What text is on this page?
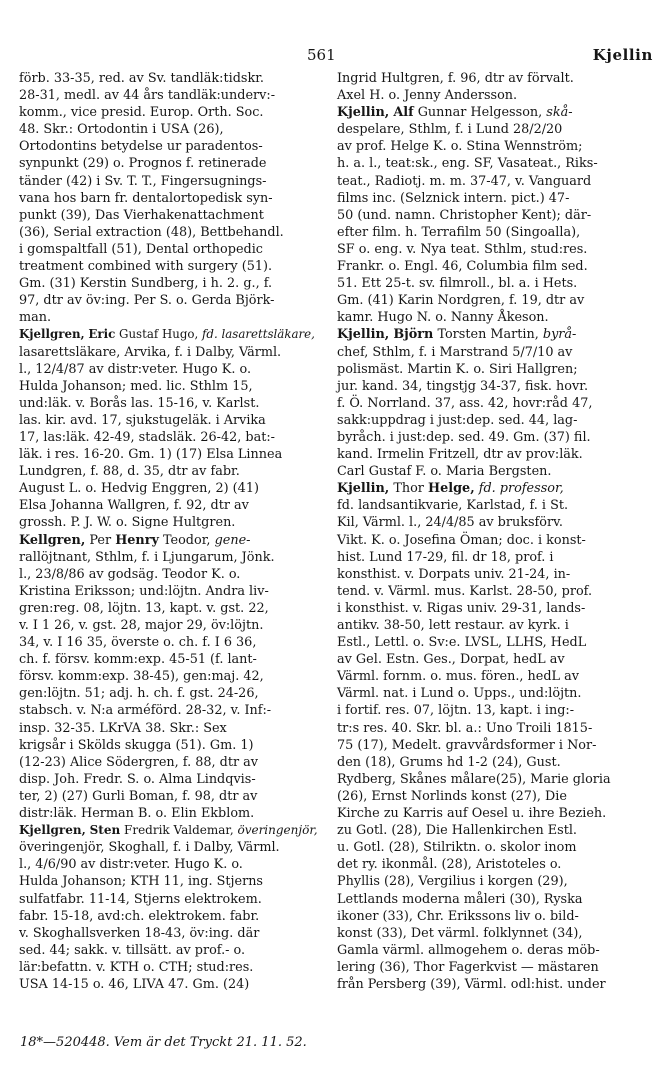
561	Kjellin
förb. 33-35, red. av Sv. tandläk:tidskr.
28-31, medl. av 44 års tandläk:underv:-
komm., vice presid. Europ. Orth. Soc.
48. Skr.: Ortodontin i USA (26),
Ortodontins betydelse ur paradentos-
synpunkt (29) o. Prognos f. retinerade
tänder (42) i Sv. T. T., Fingersugnings-
vana hos barn fr. dentalortopedisk syn-
punkt (39), Das Vierhakenattachment
(36), Serial extraction (48), Bettbehandl.
i gomspaltfall (51), Dental orthopedic
treatment combined with surgery (51).
Gm. (31) Kerstin Sundberg, i h. 2. g., f.
97, dtr av öv:ing. Per S. o. Gerda Björk-
man.
Kjellgren, Eric Gustaf Hugo, fd. lasarettsläkare,
lasarettsläkare, Arvika, f. i Dalby, Värml.
l., 12/4/87 av distr:veter. Hugo K. o.
Hulda Johanson; med. lic. Sthlm 15,
und:läk. v. Borås las. 15-16, v. Karlst.
las. kir. avd. 17, sjukstugeläk. i Arvika
17, las:läk. 42-49, stadsläk. 26-42, bat:-
läk. i res. 16-20. Gm. 1) (17) Elsa Linnea
Lundgren, f. 88, d. 35, dtr av fabr.
August L. o. Hedvig Enggren, 2) (41)
Elsa Johanna Wallgren, f. 92, dtr av
grossh. P. J. W. o. Signe Hultgren.
Kellgren, Per Henry Teodor, gene-
rallöjtnant, Sthlm, f. i Ljungarum, Jönk.
l., 23/8/86 av godsäg. Teodor K. o.
Kristina Eriksson; und:löjtn. Andra liv-
gren:reg. 08, löjtn. 13, kapt. v. gst. 22,
v. I 1 26, v. gst. 28, major 29, öv:löjtn.
34, v. I 16 35, överste o. ch. f. I 6 36,
ch. f. försv. komm:exp. 45-51 (f. lant-
försv. komm:exp. 38-45), gen:maj. 42,
gen:löjtn. 51; adj. h. ch. f. gst. 24-26,
stabsch. v. N:a arméförd. 28-32, v. Inf:-
insp. 32-35. LKrVA 38. Skr.: Sex
krigsår i Skölds skugga (51). Gm. 1)
(12-23) Alice Södergren, f. 88, dtr av
disp. Joh. Fredr. S. o. Alma Lindqvis-
ter, 2) (27) Gurli Boman, f. 98, dtr av
distr:läk. Herman B. o. Elin Ekblom.
Kjellgren, Sten Fredrik Valdemar, överingenjör,
överingenjör, Skoghall, f. i Dalby, Värml.
l., 4/6/90 av distr:veter. Hugo K. o.
Hulda Johanson; KTH 11, ing. Stjerns
sulfatfabr. 11-14, Stjerns elektrokem.
fabr. 15-18, avd:ch. elektrokem. fabr.
v. Skoghallsverken 18-43, öv:ing. där
sed. 44; sakk. v. tillsätt. av prof.- o.
lär:befattn. v. KTH o. CTH; stud:res.
USA 14-15 o. 46, LIVA 47. Gm. (24)
Ingrid Hultgren, f. 96, dtr av förvalt.
Axel H. o. Jenny Andersson.
Kjellin, Alf Gunnar Helgesson, skå-
despelare, Sthlm, f. i Lund 28/2/20
av prof. Helge K. o. Stina Wennström;
h. a. l., teat:sk., eng. SF, Vasateat., Riks-
teat., Radiotj. m. m. 37-47, v. Vanguard
films inc. (Selznick intern. pict.) 47-
50 (und. namn. Christopher Kent); där-
efter film. h. Terrafilm 50 (Singoalla),
SF o. eng. v. Nya teat. Sthlm, stud:res.
Frankr. o. Engl. 46, Columbia film sed.
51. Ett 25-t. sv. filmroll., bl. a. i Hets.
Gm. (41) Karin Nordgren, f. 19, dtr av
kamr. Hugo N. o. Nanny Åkeson.
Kjellin, Björn Torsten Martin, byrå-
chef, Sthlm, f. i Marstrand 5/7/10 av
polismäst. Martin K. o. Siri Hallgren;
jur. kand. 34, tingstjg 34-37, fisk. hovr.
f. Ö. Norrland. 37, ass. 42, hovr:råd 47,
sakk:uppdrag i just:dep. sed. 44, lag-
byråch. i just:dep. sed. 49. Gm. (37) fil.
kand. Irmelin Fritzell, dtr av prov:läk.
Carl Gustaf F. o. Maria Bergsten.
Kjellin, Thor Helge, fd. professor,
fd. landsantikvarie, Karlstad, f. i St.
Kil, Värml. l., 24/4/85 av bruksförv.
Vikt. K. o. Josefina Öman; doc. i konst-
hist. Lund 17-29, fil. dr 18, prof. i
konsthist. v. Dorpats univ. 21-24, in-
tend. v. Värml. mus. Karlst. 28-50, prof.
i konsthist. v. Rigas univ. 29-31, lands-
antikv. 38-50, lett restaur. av kyrk. i
Estl., Lettl. o. Sv:e. LVSL, LLHS, HedL
av Gel. Estn. Ges., Dorpat, hedL av
Värml. fornm. o. mus. fören., hedL av
Värml. nat. i Lund o. Upps., und:löjtn.
i fortif. res. 07, löjtn. 13, kapt. i ing:-
tr:s res. 40. Skr. bl. a.: Uno Troili 1815-
75 (17), Medelt. gravvårdsformer i Nor-
den (18), Grums hd 1-2 (24), Gust.
Rydberg, Skånes målare(25), Marie gloria
(26), Ernst Norlinds konst (27), Die
Kirche zu Karris auf Oesel u. ihre Bezieh.
zu Gotl. (28), Die Hallenkirchen Estl.
u. Gotl. (28), Stilriktn. o. skolor inom
det ry. ikonmål. (28), Aristoteles o.
Phyllis (28), Vergilius i korgen (29),
Lettlands moderna måleri (30), Ryska
ikoner (33), Chr. Erikssons liv o. bild-
konst (33), Det värml. folklynnet (34),
Gamla värml. allmogehem o. deras möb-
lering (36), Thor Fagerkvist — mästaren
från Persberg (39), Värml. odl:hist. under
18*—520448. Vem är det Tryckt 21. 11. 52.
